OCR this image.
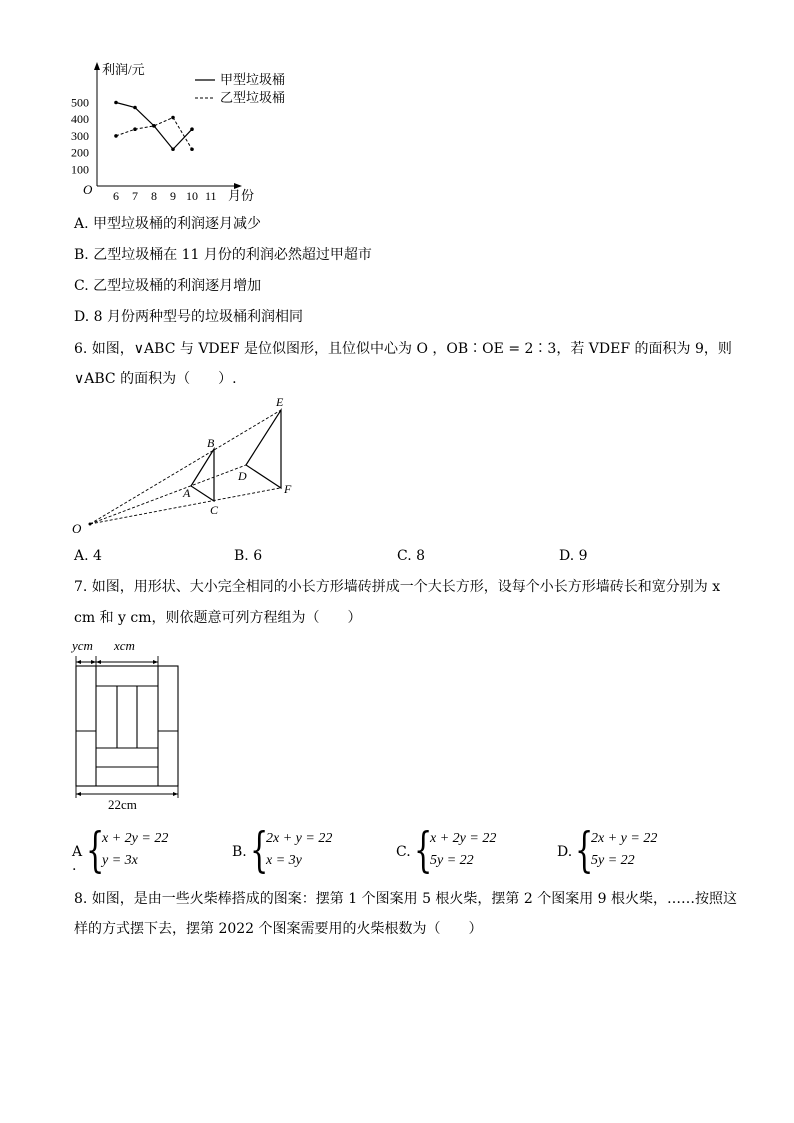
6 7 8 9 10 11
100
200
300
400
500
利润/元
月份
O
甲型垃圾桶
乙型垃圾桶
A. 甲型垃圾桶的利润逐月减少
B. 乙型垃圾桶在 11 月份的利润必然超过甲超市
C. 乙型垃圾桶的利润逐月增加
D. 8 月份两种型号的垃圾桶利润相同
6. 如图，∨ABC 与 VDEF 是位似图形，且位似中心为 O ，OB∶OE = 2∶3，若 VDEF 的面积为 9，则
∨ABC 的面积为（　　）.
O
A
B
C
D
E
F
A. 4	B. 6	C. 8	D. 9
7. 如图，用形状、大小完全相同的小长方形墙砖拼成一个大长方形，设每个小长方形墙砖长和宽分别为 x
cm 和 y cm，则依题意可列方程组为（　　）
ycm xcm
22cm
A
. {
x + 2y = 22
y = 3x
B. {
2x + y = 22
x = 3y
C. {
x + 2y = 22
5y = 22
D. {
2x + y = 22
5y = 22
8. 如图，是由一些火柴棒搭成的图案：摆第 1 个图案用 5 根火柴，摆第 2 个图案用 9 根火柴，……按照这
样的方式摆下去，摆第 2022 个图案需要用的火柴根数为（　　）
